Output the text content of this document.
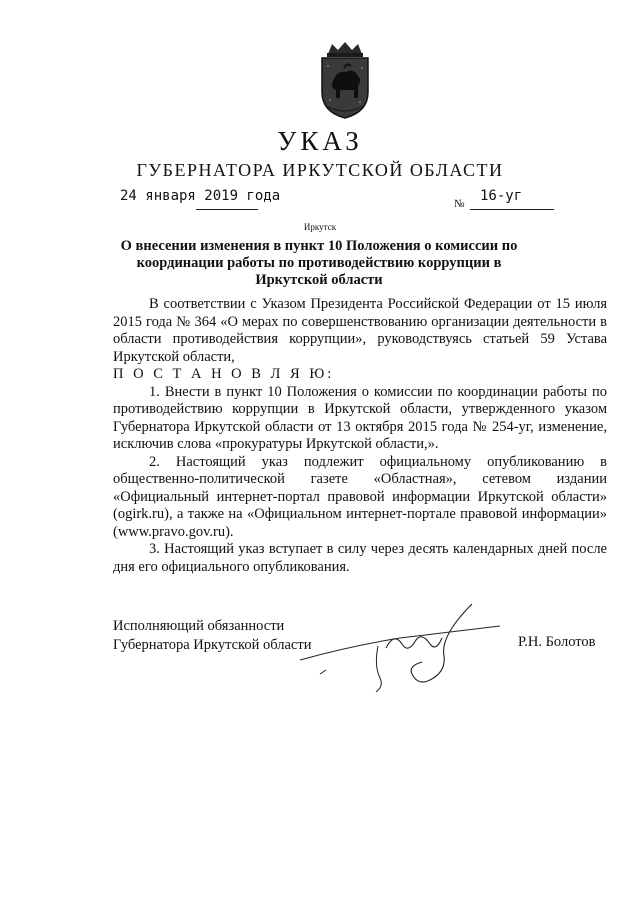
УКАЗ
ГУБЕРНАТОРА ИРКУТСКОЙ ОБЛАСТИ
24 января 2019 года	№ 16-уг
Иркутск
О внесении изменения в пункт 10 Положения о комиссии по координации работы по противодействию коррупции в Иркутской области

В соответствии с Указом Президента Российской Федерации от 15 июля 2015 года № 364 «О мерах по совершенствованию организации деятельности в области противодействия коррупции», руководствуясь статьей 59 Устава Иркутской области,

П О С Т А Н О В Л Я Ю:

1. Внести в пункт 10 Положения о комиссии по координации работы по противодействию коррупции в Иркутской области, утвержденного указом Губернатора Иркутской области от 13 октября 2015 года № 254-уг, изменение, исключив слова «прокуратуры Иркутской области,».

2. Настоящий указ подлежит официальному опубликованию в общественно-политической газете «Областная», сетевом издании «Официальный интернет-портал правовой информации Иркутской области» (ogirk.ru), а также на «Официальном интернет-портале правовой информации» (www.pravo.gov.ru).

3. Настоящий указ вступает в силу через десять календарных дней после дня его официального опубликования.

Исполняющий обязанности
Губернатора Иркутской области	Р.Н. Болотов
